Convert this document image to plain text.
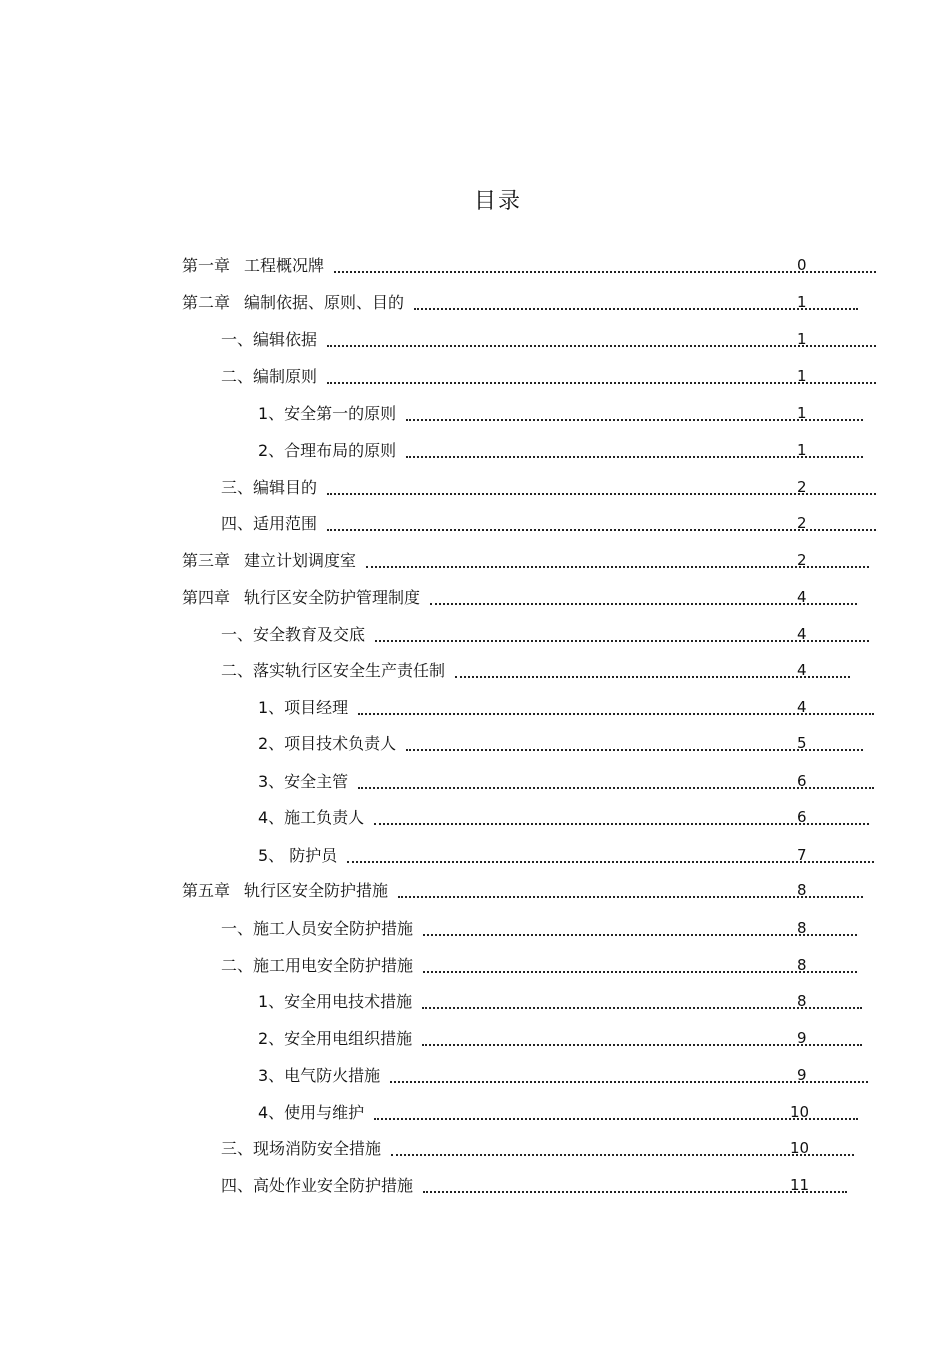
目录
第一章 工程概况牌	0
第二章 编制依据、原则、目的	1
一、编辑依据	1
二、编制原则	1
1、安全第一的原则	1
2、合理布局的原则	1
三、编辑目的	2
四、适用范围	2
第三章 建立计划调度室	2
第四章 轨行区安全防护管理制度	4
一、安全教育及交底	4
二、落实轨行区安全生产责任制	4
1、项目经理	4
2、项目技术负责人	5
3、安全主管	6
4、施工负责人	6
5、 防护员	7
第五章 轨行区安全防护措施	8
一、施工人员安全防护措施	8
二、施工用电安全防护措施	8
1、安全用电技术措施	8
2、安全用电组织措施	9
3、电气防火措施	9
4、使用与维护	10
三、现场消防安全措施	10
四、高处作业安全防护措施	11
